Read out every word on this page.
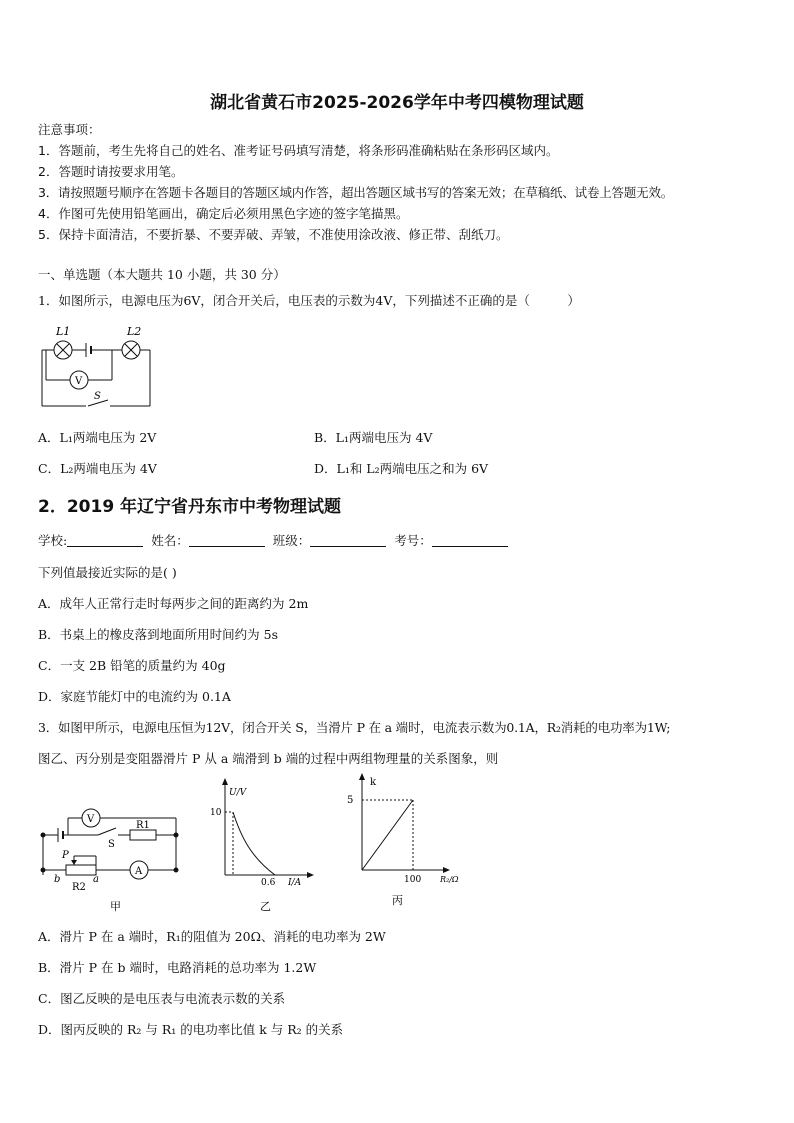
湖北省黄石市2025-2026学年中考四模物理试题
注意事项：
1．答题前，考生先将自己的姓名、准考证号码填写清楚，将条形码准确粘贴在条形码区域内。
2．答题时请按要求用笔。
3．请按照题号顺序在答题卡各题目的答题区域内作答，超出答题区域书写的答案无效；在草稿纸、试卷上答题无效。
4．作图可先使用铅笔画出，确定后必须用黑色字迹的签字笔描黑。
5．保持卡面清洁，不要折暴、不要弄破、弄皱，不准使用涂改液、修正带、刮纸刀。
一、单选题（本大题共 10 小题，共 30 分）
1．如图所示，电源电压为6V，闭合开关后，电压表的示数为4V，下列描述不正确的是（　　　）
L1	L2
V
S
A．L₁两端电压为 2V	B．L₁两端电压为 4V
C．L₂两端电压为 4V	D．L₁和 L₂两端电压之和为 6V
2．2019 年辽宁省丹东市中考物理试题
学校:	姓名：	班级：	考号：
下列值最接近实际的是( )
A．成年人正常行走时每两步之间的距离约为 2m
B．书桌上的橡皮落到地面所用时间约为 5s
C．一支 2B 铅笔的质量约为 40g
D．家庭节能灯中的电流约为 0.1A
3．如图甲所示，电源电压恒为12V，闭合开关 S，当滑片 P 在 a 端时，电流表示数为0.1A，R₂消耗的电功率为1W;
图乙、丙分别是变阻器滑片 P 从 a 端滑到 b 端的过程中两组物理量的关系图象，则
V
R1
S
P
b	a
R2
A
甲
U/V
10
0.6 I/A
乙
k
5
100 R₂/Ω
丙
A．滑片 P 在 a 端时，R₁的阻值为 20Ω、消耗的电功率为 2W
B．滑片 P 在 b 端时，电路消耗的总功率为 1.2W
C．图乙反映的是电压表与电流表示数的关系
D．图丙反映的 R₂ 与 R₁ 的电功率比值 k 与 R₂ 的关系
